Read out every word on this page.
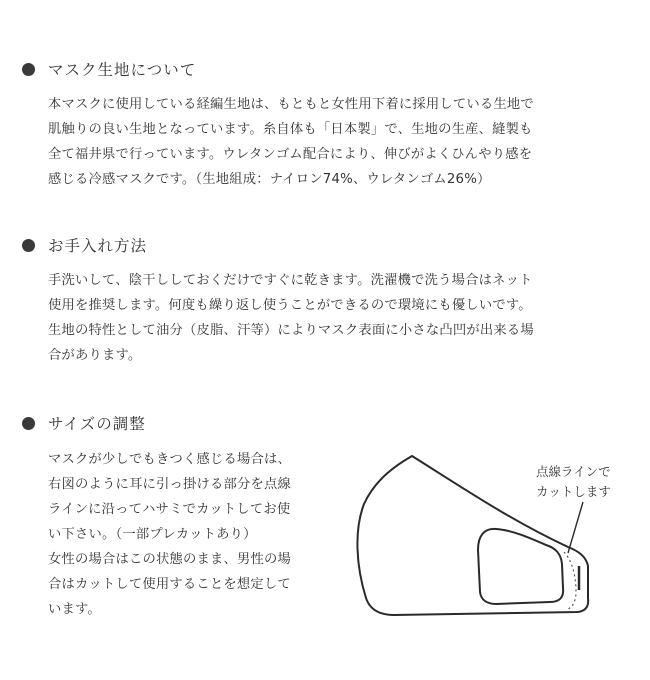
マスク生地について
本マスクに使用している経編生地は、もともと女性用下着に採用している生地で
肌触りの良い生地となっています。糸自体も「日本製」で、生地の生産、縫製も
全て福井県で行っています。ウレタンゴム配合により、伸びがよくひんやり感を
感じる冷感マスクです。（生地組成：ナイロン74%、ウレタンゴム26%）
お手入れ方法
手洗いして、陰干ししておくだけですぐに乾きます。洗濯機で洗う場合はネット
使用を推奨します。何度も繰り返し使うことができるので環境にも優しいです。
生地の特性として油分（皮脂、汗等）によりマスク表面に小さな凸凹が出来る場
合があります。
サイズの調整
マスクが少しでもきつく感じる場合は、
右図のように耳に引っ掛ける部分を点線
ラインに沿ってハサミでカットしてお使
い下さい。（一部プレカットあり）
女性の場合はこの状態のまま、男性の場
合はカットして使用することを想定して
います。
点線ラインで
カットします
